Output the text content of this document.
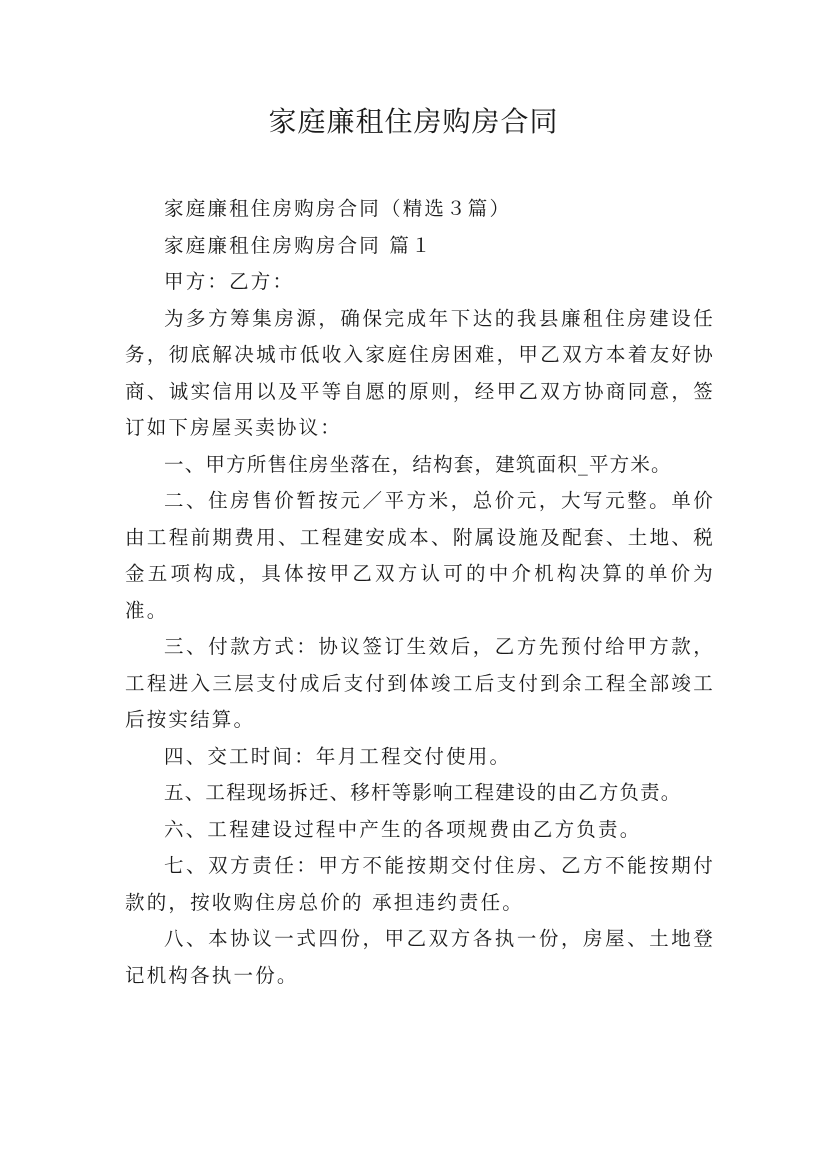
家庭廉租住房购房合同

家庭廉租住房购房合同（精选３篇）

家庭廉租住房购房合同 篇１

甲方：乙方：

为多方筹集房源，确保完成年下达的我县廉租住房建设任务，彻底解决城市低收入家庭住房困难，甲乙双方本着友好协商、诚实信用以及平等自愿的原则，经甲乙双方协商同意，签订如下房屋买卖协议：

一、甲方所售住房坐落在，结构套，建筑面积_平方米。

二、住房售价暂按元／平方米，总价元，大写元整。单价由工程前期费用、工程建安成本、附属设施及配套、土地、税金五项构成，具体按甲乙双方认可的中介机构决算的单价为准。

三、付款方式：协议签订生效后，乙方先预付给甲方款，工程进入三层支付成后支付到体竣工后支付到余工程全部竣工后按实结算。

四、交工时间：年月工程交付使用。

五、工程现场拆迁、移杆等影响工程建设的由乙方负责。

六、工程建设过程中产生的各项规费由乙方负责。

七、双方责任：甲方不能按期交付住房、乙方不能按期付款的，按收购住房总价的 承担违约责任。

八、本协议一式四份，甲乙双方各执一份，房屋、土地登记机构各执一份。
